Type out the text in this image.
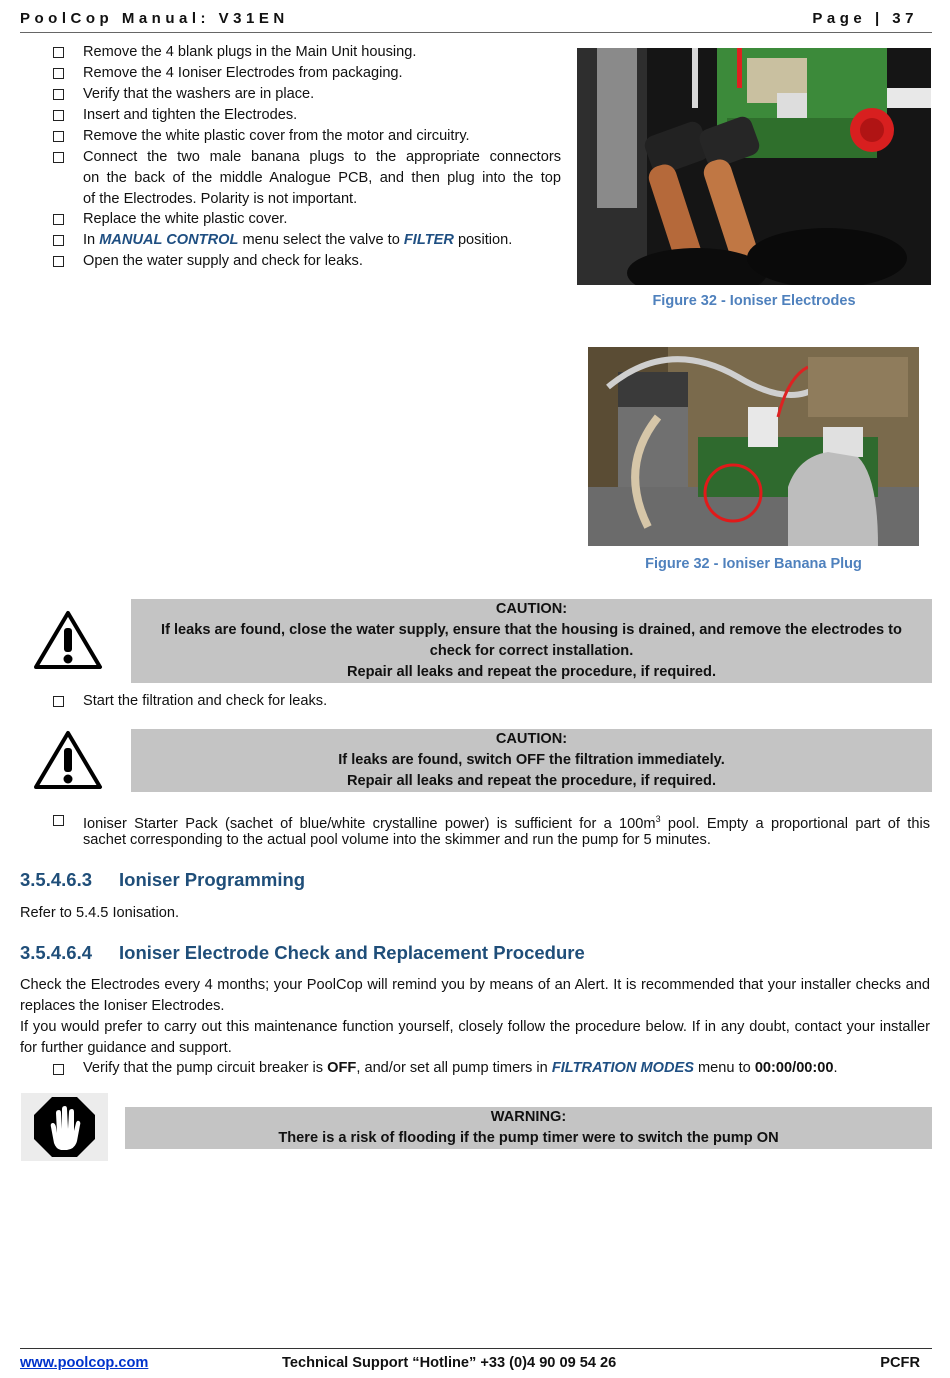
PoolCop Manual: V31EN	Page | 37
Remove the 4 blank plugs in the Main Unit housing.
Remove the 4 Ioniser Electrodes from packaging.
Verify that the washers are in place.
Insert and tighten the Electrodes.
Remove the white plastic cover from the motor and circuitry.
Connect the two male banana plugs to the appropriate connectors
on the back of the middle Analogue PCB, and then plug into the top
of the Electrodes. Polarity is not important.
Replace the white plastic cover.
In MANUAL CONTROL menu select the valve to FILTER position.
Open the water supply and check for leaks.
Figure 32 - Ioniser Electrodes
Figure 32 - Ioniser Banana Plug
CAUTION:
If leaks are found, close the water supply, ensure that the housing is drained, and remove the electrodes to
check for correct installation.
Repair all leaks and repeat the procedure, if required.
Start the filtration and check for leaks.
CAUTION:
If leaks are found, switch OFF the filtration immediately.
Repair all leaks and repeat the procedure, if required.
Ioniser Starter Pack (sachet of blue/white crystalline power) is sufficient for a $100m^3$ pool. Empty a proportional part of this
sachet corresponding to the actual pool volume into the skimmer and run the pump for 5 minutes.
3.5.4.6.3 Ioniser Programming
Refer to 5.4.5 Ionisation.
3.5.4.6.4 Ioniser Electrode Check and Replacement Procedure
Check the Electrodes every 4 months; your PoolCop will remind you by means of an Alert. It is recommended that your installer checks and replaces the Ioniser Electrodes.
If you would prefer to carry out this maintenance function yourself, closely follow the procedure below. If in any doubt, contact your installer for further guidance and support.
Verify that the pump circuit breaker is OFF, and/or set all pump timers in FILTRATION MODES menu to 00:00/00:00.
WARNING:
There is a risk of flooding if the pump timer were to switch the pump ON
www.poolcop.com	Technical Support “Hotline” +33 (0)4 90 09 54 26	PCFR
